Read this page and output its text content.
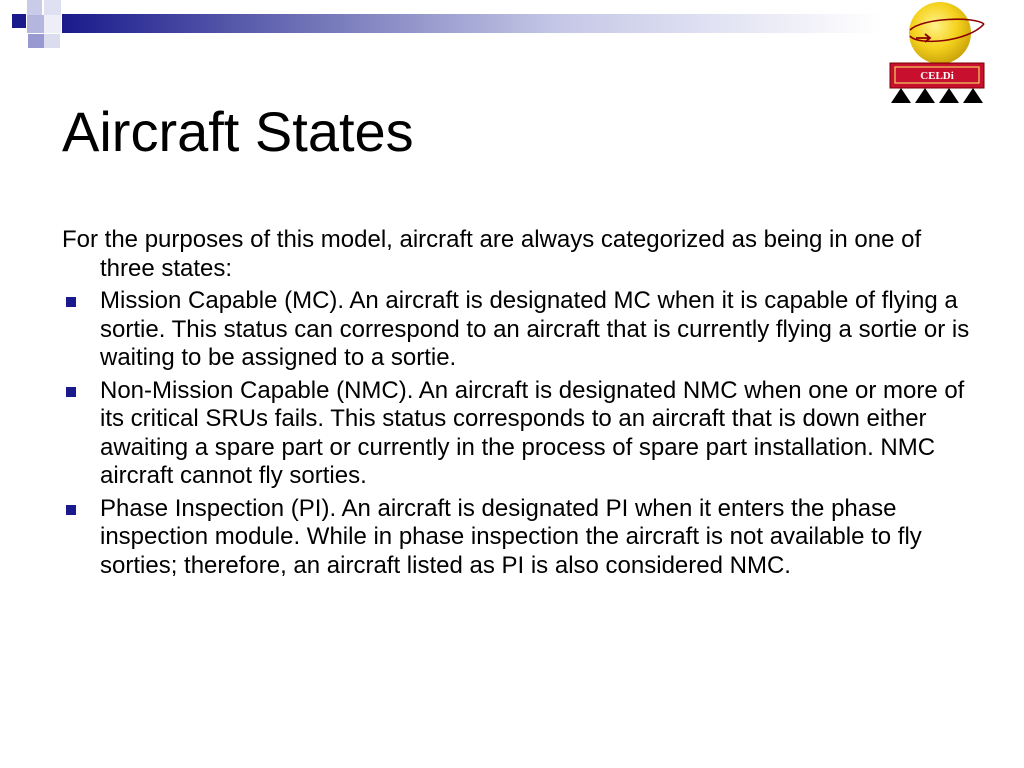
CELDi
Aircraft States

For the purposes of this model, aircraft are always categorized as being in one of three states:

Mission Capable (MC). An aircraft is designated MC when it is capable of flying a sortie. This status can correspond to an aircraft that is currently flying a sortie or is waiting to be assigned to a sortie.
Non-Mission Capable (NMC). An aircraft is designated NMC when one or more of its critical SRUs fails. This status corresponds to an aircraft that is down either awaiting a spare part or currently in the process of spare part installation. NMC aircraft cannot fly sorties.
Phase Inspection (PI). An aircraft is designated PI when it enters the phase inspection module. While in phase inspection the aircraft is not available to fly sorties; therefore, an aircraft listed as PI is also considered NMC.
